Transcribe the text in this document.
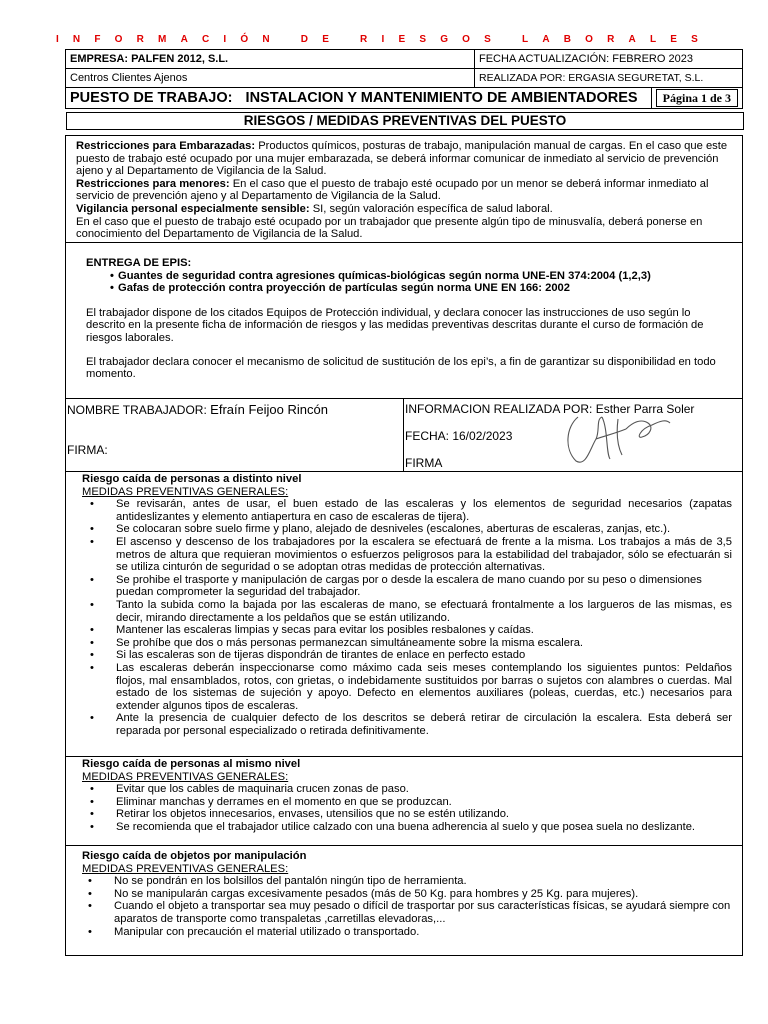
INFORMACIÓN DE RIESGOS LABORALES
EMPRESA: PALFEN 2012, S.L.	FECHA ACTUALIZACIÓN: FEBRERO 2023	
Centros Clientes Ajenos	REALIZADA POR: ERGASIA SEGURETAT, S.L.	
PUESTO DE TRABAJO: INSTALACION Y MANTENIMIENTO DE AMBIENTADORES		Página 1 de 3
RIESGOS / MEDIDAS PREVENTIVAS DEL PUESTO

Restricciones para Embarazadas: Productos químicos, posturas de trabajo, manipulación manual de cargas. En el caso que este puesto de trabajo esté ocupado por una mujer embarazada, se deberá informar comunicar de inmediato al servicio de prevención ajeno y al Departamento de Vigilancia de la Salud.

Restricciones para menores: En el caso que el puesto de trabajo esté ocupado por un menor se deberá informar inmediato al servicio de prevención ajeno y al Departamento de Vigilancia de la Salud.

Vigilancia personal especialmente sensible: SI, según valoración específica de salud laboral.

En el caso que el puesto de trabajo esté ocupado por un trabajador que presente algún tipo de minusvalía, deberá ponerse en conocimiento del Departamento de Vigilancia de la Salud.

ENTREGA DE EPIS:

• Guantes de seguridad contra agresiones químicas-biológicas según norma UNE-EN 374:2004 (1,2,3)
• Gafas de protección contra proyección de partículas según norma UNE EN 166: 2002

El trabajador dispone de los citados Equipos de Protección individual, y declara conocer las instrucciones de uso según lo descrito en la presente ficha de información de riesgos y las medidas preventivas descritas durante el curso de formación de riesgos laborales.

El trabajador declara conocer el mecanismo de solicitud de sustitución de los epi’s, a fin de garantizar su disponibilidad en todo momento.

NOMBRE TRABAJADOR: Efraín Feijoo Rincón
FIRMA:
INFORMACION REALIZADA POR: Esther Parra Soler
FECHA: 16/02/2023
FIRMA

Riesgo caída de personas a distinto nivel

MEDIDAS PREVENTIVAS GENERALES:

• Se revisarán, antes de usar, el buen estado de las escaleras y los elementos de seguridad necesarios (zapatas antideslizantes y elemento antiapertura en caso de escaleras de tijera).
• Se colocaran sobre suelo firme y plano, alejado de desniveles (escalones, aberturas de escaleras, zanjas, etc.).
• El ascenso y descenso de los trabajadores por la escalera se efectuará de frente a la misma. Los trabajos a más de 3,5 metros de altura que requieran movimientos o esfuerzos peligrosos para la estabilidad del trabajador, sólo se efectuarán si se utiliza cinturón de seguridad o se adoptan otras medidas de protección alternativas.
• Se prohibe el trasporte y manipulación de cargas por o desde la escalera de mano cuando por su peso o dimensiones puedan comprometer la seguridad del trabajador.
• Tanto la subida como la bajada por las escaleras de mano, se efectuará frontalmente a los largueros de las mismas, es decir, mirando directamente a los peldaños que se están utilizando.
• Mantener las escaleras limpias y secas para evitar los posibles resbalones y caídas.
• Se prohíbe que dos o más personas permanezcan simultáneamente sobre la misma escalera.
• Si las escaleras son de tijeras dispondrán de tirantes de enlace en perfecto estado
• Las escaleras deberán inspeccionarse como máximo cada seis meses contemplando los siguientes puntos: Peldaños flojos, mal ensamblados, rotos, con grietas, o indebidamente sustituidos por barras o sujetos con alambres o cuerdas. Mal estado de los sistemas de sujeción y apoyo. Defecto en elementos auxiliares (poleas, cuerdas, etc.) necesarios para extender algunos tipos de escaleras.
• Ante la presencia de cualquier defecto de los descritos se deberá retirar de circulación la escalera. Esta deberá ser reparada por personal especializado o retirada definitivamente.

Riesgo caída de personas al mismo nivel

MEDIDAS PREVENTIVAS GENERALES:

• Evitar que los cables de maquinaria crucen zonas de paso.
• Eliminar manchas y derrames en el momento en que se produzcan.
• Retirar los objetos innecesarios, envases, utensilios que no se estén utilizando.
• Se recomienda que el trabajador utilice calzado con una buena adherencia al suelo y que posea suela no deslizante.

Riesgo caída de objetos por manipulación

MEDIDAS PREVENTIVAS GENERALES:

• No se pondrán en los bolsillos del pantalón ningún tipo de herramienta.
• No se manipularán cargas excesivamente pesados (más de 50 Kg. para hombres y 25 Kg. para mujeres).
• Cuando el objeto a transportar sea muy pesado o difícil de trasportar por sus características físicas, se ayudará siempre con aparatos de transporte como transpaletas ,carretillas elevadoras,...
• Manipular con precaución el material utilizado o transportado.
